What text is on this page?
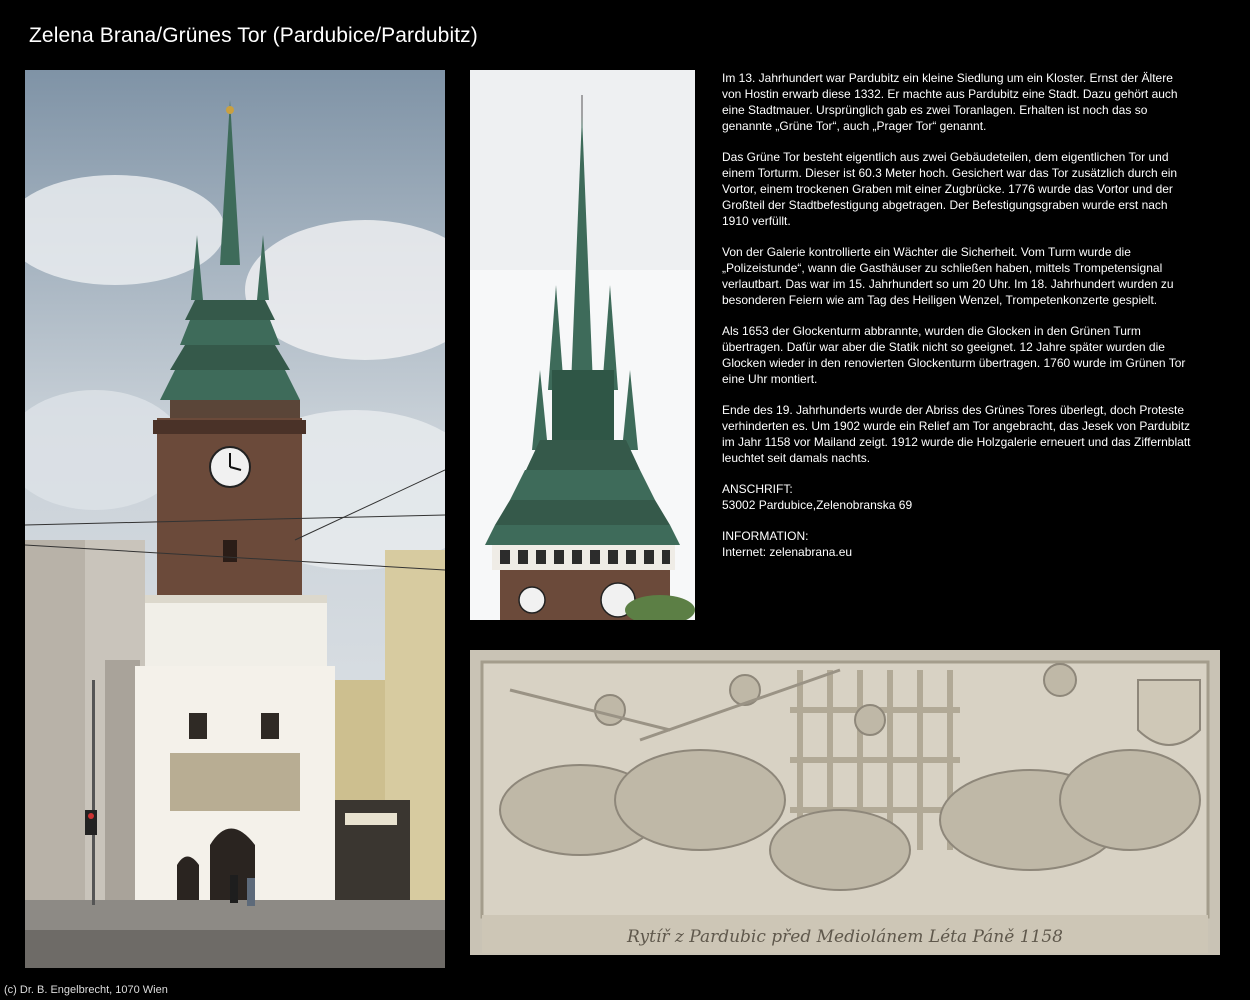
Zelena Brana/Grünes Tor (Pardubice/Pardubitz)
Rytíř z Pardubic před Mediolánem Léta Páně 1158

Im 13. Jahrhundert war Pardubitz ein kleine Siedlung um ein Kloster. Ernst der Ältere von Hostin erwarb diese 1332. Er machte aus Pardubitz eine Stadt. Dazu gehört auch eine Stadtmauer. Ursprünglich gab es zwei Toranlagen. Erhalten ist noch das so genannte „Grüne Tor“, auch „Prager Tor“ genannt.

Das Grüne Tor besteht eigentlich aus zwei Gebäudeteilen, dem eigentlichen Tor und einem Torturm. Dieser ist 60.3 Meter hoch. Gesichert war das Tor zusätzlich durch ein Vortor, einem trockenen Graben mit einer Zugbrücke. 1776 wurde das Vortor und der Großteil der Stadtbefestigung abgetragen. Der Befestigungsgraben wurde erst nach 1910 verfüllt.

Von der Galerie kontrollierte ein Wächter die Sicherheit. Vom Turm wurde die „Polizeistunde“, wann die Gasthäuser zu schließen haben, mittels Trompetensignal verlautbart. Das war im 15. Jahrhundert so um 20 Uhr. Im 18. Jahrhundert wurden zu besonderen Feiern wie am Tag des Heiligen Wenzel, Trompetenkonzerte gespielt.

Als 1653 der Glockenturm abbrannte, wurden die Glocken in den Grünen Turm übertragen. Dafür war aber die Statik nicht so geeignet. 12 Jahre später wurden die Glocken wieder in den renovierten Glockenturm übertragen. 1760 wurde im Grünen Tor eine Uhr montiert.

Ende des 19. Jahrhunderts wurde der Abriss des Grünes Tores überlegt, doch Proteste verhinderten es. Um 1902 wurde ein Relief am Tor angebracht, das Jesek von Pardubitz im Jahr 1158 vor Mailand zeigt. 1912 wurde die Holzgalerie erneuert und das Ziffernblatt leuchtet seit damals nachts.

ANSCHRIFT:
53002 Pardubice,Zelenobranska 69

INFORMATION:
Internet: zelenabrana.eu

(c) Dr. B. Engelbrecht, 1070 Wien
